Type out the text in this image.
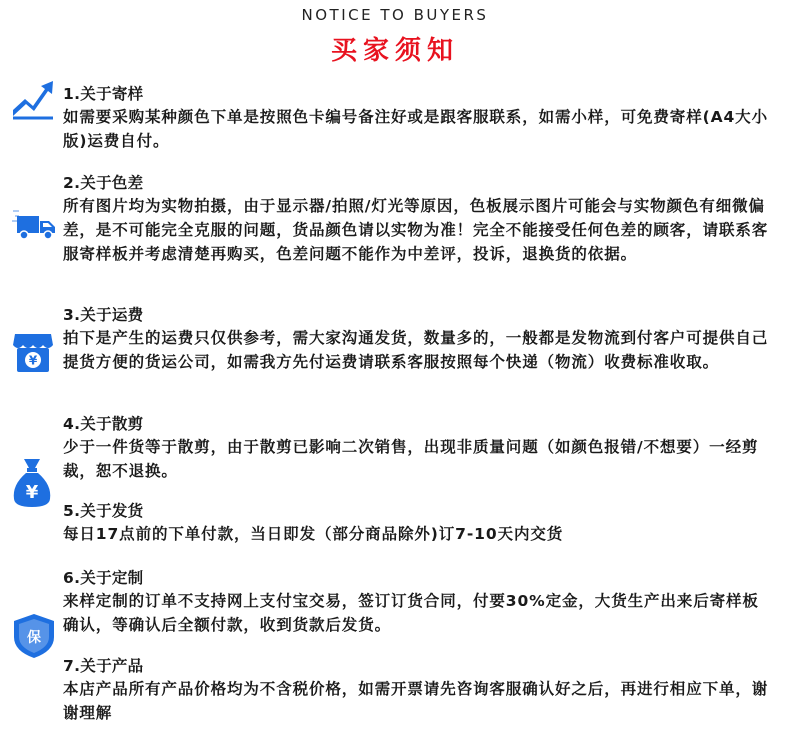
NOTICE TO BUYERS
买家须知
¥
¥
保
1.关于寄样
如需要采购某种颜色下单是按照色卡编号备注好或是跟客服联系，如需小样，可免费寄样(A4大小版)运费自付。
2.关于色差
所有图片均为实物拍摄，由于显示器/拍照/灯光等原因，色板展示图片可能会与实物颜色有细微偏差，是不可能完全克服的问题，货品颜色请以实物为准！完全不能接受任何色差的顾客，请联系客服寄样板并考虑清楚再购买，色差问题不能作为中差评，投诉，退换货的依据。
3.关于运费
拍下是产生的运费只仅供参考，需大家沟通发货，数量多的，一般都是发物流到付客户可提供自己提货方便的货运公司，如需我方先付运费请联系客服按照每个快递（物流）收费标准收取。
4.关于散剪
少于一件货等于散剪，由于散剪已影响二次销售，出现非质量问题（如颜色报错/不想要）一经剪裁，恕不退换。
5.关于发货
每日17点前的下单付款，当日即发（部分商品除外)订7-10天内交货
6.关于定制
来样定制的订单不支持网上支付宝交易，签订订货合同，付要30%定金，大货生产出来后寄样板确认，等确认后全额付款，收到货款后发货。
7.关于产品
本店产品所有产品价格均为不含税价格，如需开票请先咨询客服确认好之后，再进行相应下单，谢谢理解
